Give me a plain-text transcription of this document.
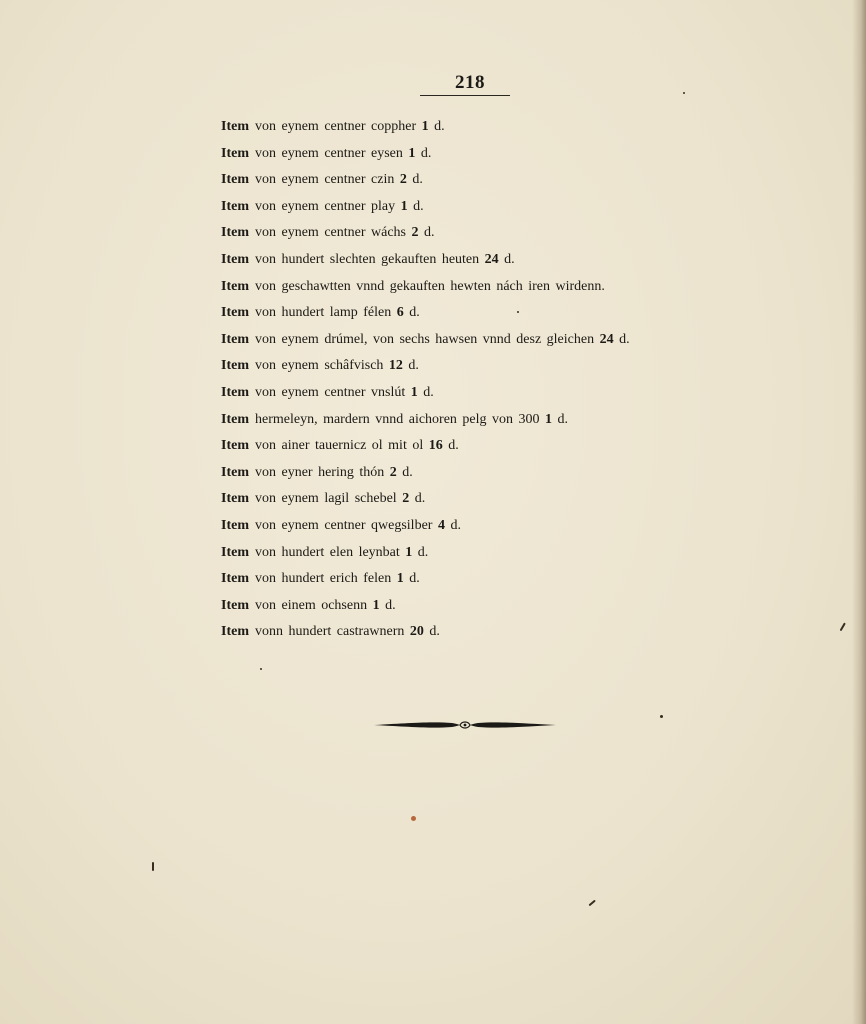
218
Item von eynem centner coppher 1 d.
Item von eynem centner eysen 1 d.
Item von eynem centner czin 2 d.
Item von eynem centner play 1 d.
Item von eynem centner wáchs 2 d.
Item von hundert slechten gekauften heuten 24 d.
Item von geschawtten vnnd gekauften hewten nách iren wirdenn.
Item von hundert lamp félen 6 d.
Item von eynem drúmel, von sechs hawsen vnnd desz gleichen 24 d.
Item von eynem schâfvisch 12 d.
Item von eynem centner vnslút 1 d.
Item hermeleyn, mardern vnnd aichoren pelg von 300 1 d.
Item von ainer tauernicz ol mit ol 16 d.
Item von eyner hering thón 2 d.
Item von eynem lagil schebel 2 d.
Item von eynem centner qwegsilber 4 d.
Item von hundert elen leynbat 1 d.
Item von hundert erich felen 1 d.
Item von einem ochsenn 1 d.
Item vonn hundert castrawnern 20 d.
